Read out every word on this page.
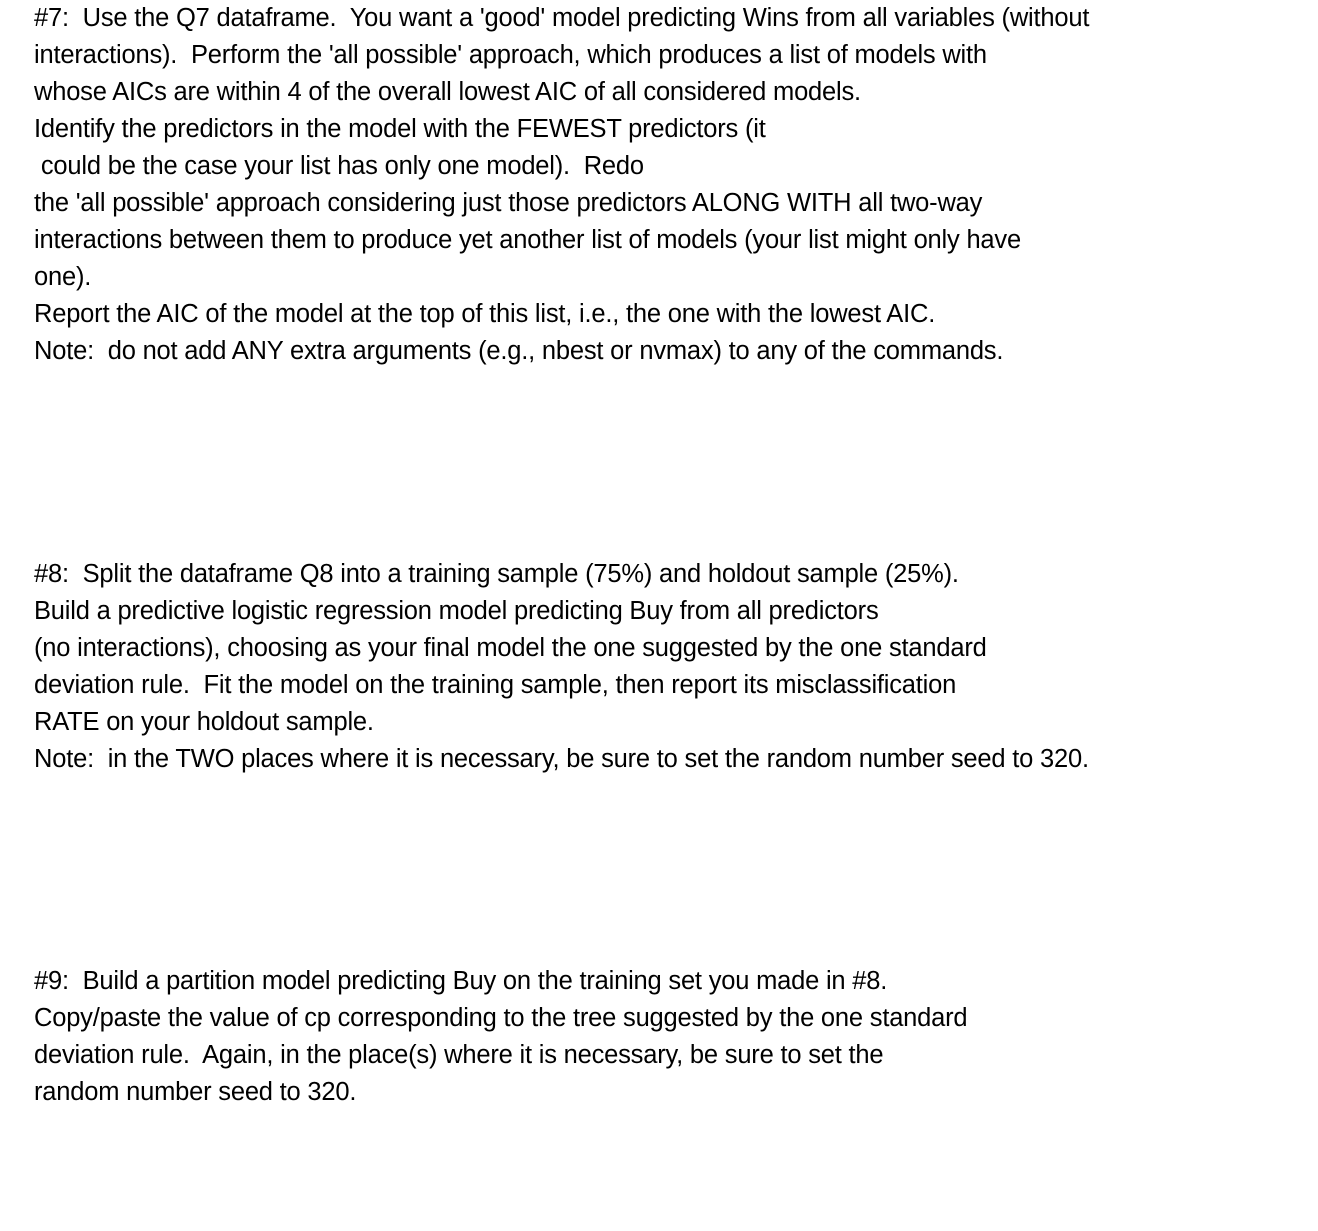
#7:  Use the Q7 dataframe.  You want a 'good' model predicting Wins from all variables (without
interactions).  Perform the 'all possible' approach, which produces a list of models with
whose AICs are within 4 of the overall lowest AIC of all considered models.
Identify the predictors in the model with the FEWEST predictors (it
could be the case your list has only one model).  Redo
the 'all possible' approach considering just those predictors ALONG WITH all two-way
interactions between them to produce yet another list of models (your list might only have
one).
Report the AIC of the model at the top of this list, i.e., the one with the lowest AIC.
Note:  do not add ANY extra arguments (e.g., nbest or nvmax) to any of the commands.
#8:  Split the dataframe Q8 into a training sample (75%) and holdout sample (25%).
Build a predictive logistic regression model predicting Buy from all predictors
(no interactions), choosing as your final model the one suggested by the one standard
deviation rule.  Fit the model on the training sample, then report its misclassification
RATE on your holdout sample.
Note:  in the TWO places where it is necessary, be sure to set the random number seed to 320.
#9:  Build a partition model predicting Buy on the training set you made in #8.
Copy/paste the value of cp corresponding to the tree suggested by the one standard
deviation rule.  Again, in the place(s) where it is necessary, be sure to set the
random number seed to 320.
